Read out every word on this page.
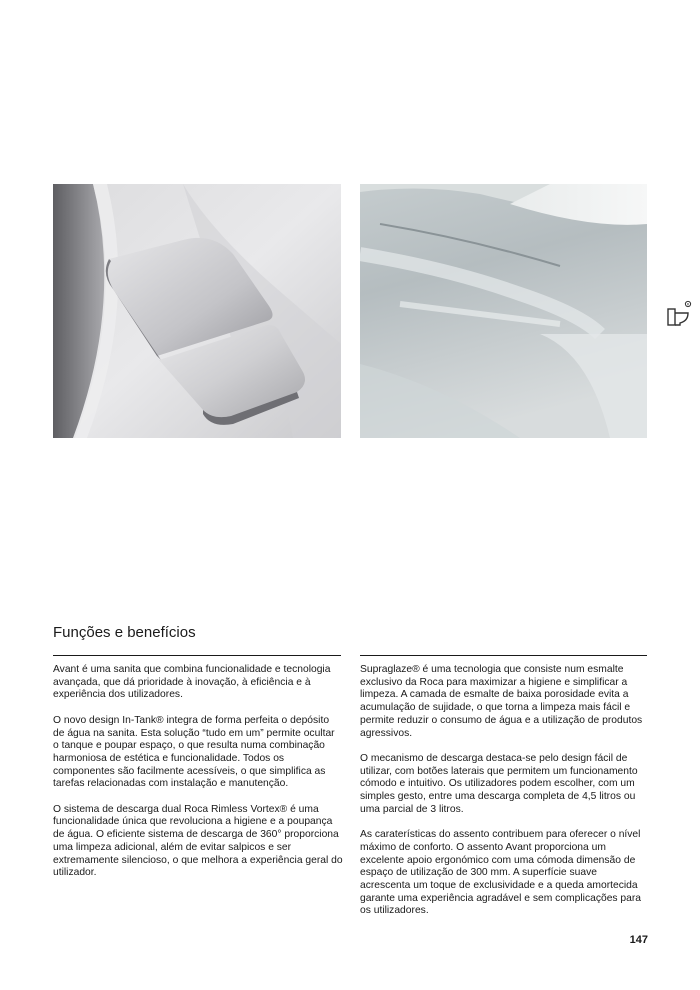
R
Funções e benefícios

Avant é uma sanita que combina funcionalidade e tecnologia avançada, que dá prioridade à inovação, à eficiência e à experiência dos utilizadores.

O novo design In-Tank® integra de forma perfeita o depósito de água na sanita. Esta solução “tudo em um” permite ocultar o tanque e poupar espaço, o que resulta numa combinação harmoniosa de estética e funcionalidade. Todos os componentes são facilmente acessíveis, o que simplifica as tarefas relacionadas com instalação e manutenção.

O sistema de descarga dual Roca Rimless Vortex® é uma funcionalidade única que revoluciona a higiene e a poupança de água. O eficiente sistema de descarga de 360° proporciona uma limpeza adicional, além de evitar salpicos e ser extremamente silencioso, o que melhora a experiência geral do utilizador.

Supraglaze® é uma tecnologia que consiste num esmalte exclusivo da Roca para maximizar a higiene e simplificar a limpeza. A camada de esmalte de baixa porosidade evita a acumulação de sujidade, o que torna a limpeza mais fácil e permite reduzir o consumo de água e a utilização de produtos agressivos.

O mecanismo de descarga destaca-se pelo design fácil de utilizar, com botões laterais que permitem um funcionamento cómodo e intuitivo. Os utilizadores podem escolher, com um simples gesto, entre uma descarga completa de 4,5 litros ou uma parcial de 3 litros.

As caraterísticas do assento contribuem para oferecer o nível máximo de conforto. O assento Avant proporciona um excelente apoio ergonómico com uma cómoda dimensão de espaço de utilização de 300 mm. A superfície suave acrescenta um toque de exclusividade e a queda amortecida garante uma experiência agradável e sem complicações para os utilizadores.

147
